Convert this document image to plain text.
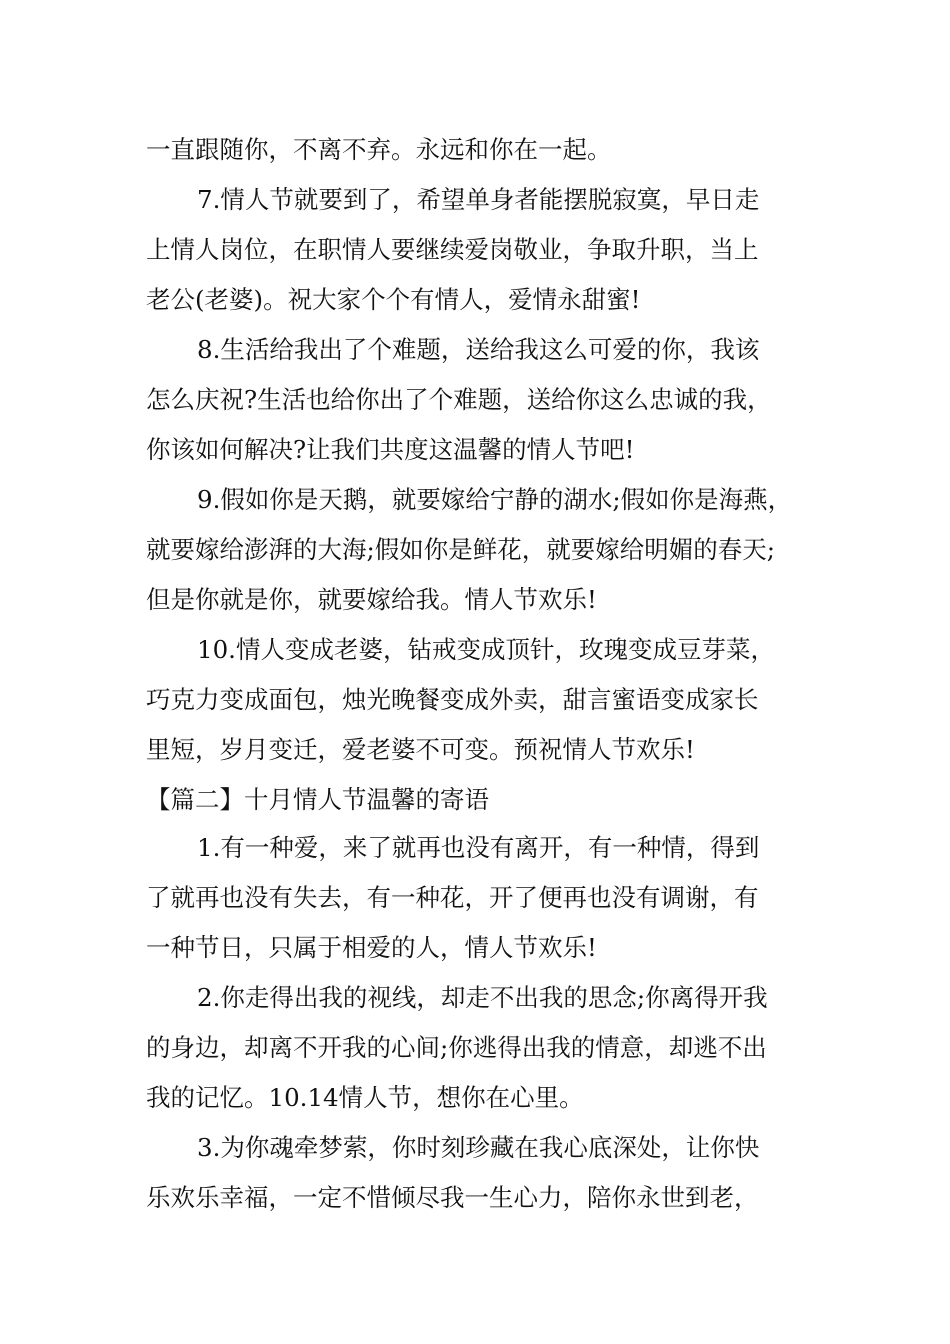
一直跟随你，不离不弃。永远和你在一起。
7.情人节就要到了，希望单身者能摆脱寂寞，早日走
上情人岗位，在职情人要继续爱岗敬业，争取升职，当上
老公(老婆)。祝大家个个有情人，爱情永甜蜜!
8.生活给我出了个难题，送给我这么可爱的你，我该
怎么庆祝?生活也给你出了个难题，送给你这么忠诚的我，
你该如何解决?让我们共度这温馨的情人节吧!
9.假如你是天鹅，就要嫁给宁静的湖水;假如你是海燕，
就要嫁给澎湃的大海;假如你是鲜花，就要嫁给明媚的春天;
但是你就是你，就要嫁给我。情人节欢乐!
10.情人变成老婆，钻戒变成顶针，玫瑰变成豆芽菜，
巧克力变成面包，烛光晚餐变成外卖，甜言蜜语变成家长
里短，岁月变迁，爱老婆不可变。预祝情人节欢乐!
【篇二】十月情人节温馨的寄语
1.有一种爱，来了就再也没有离开，有一种情，得到
了就再也没有失去，有一种花，开了便再也没有调谢，有
一种节日，只属于相爱的人，情人节欢乐!
2.你走得出我的视线，却走不出我的思念;你离得开我
的身边，却离不开我的心间;你逃得出我的情意，却逃不出
我的记忆。10.14情人节，想你在心里。
3.为你魂牵梦萦，你时刻珍藏在我心底深处，让你快
乐欢乐幸福，一定不惜倾尽我一生心力，陪你永世到老，
